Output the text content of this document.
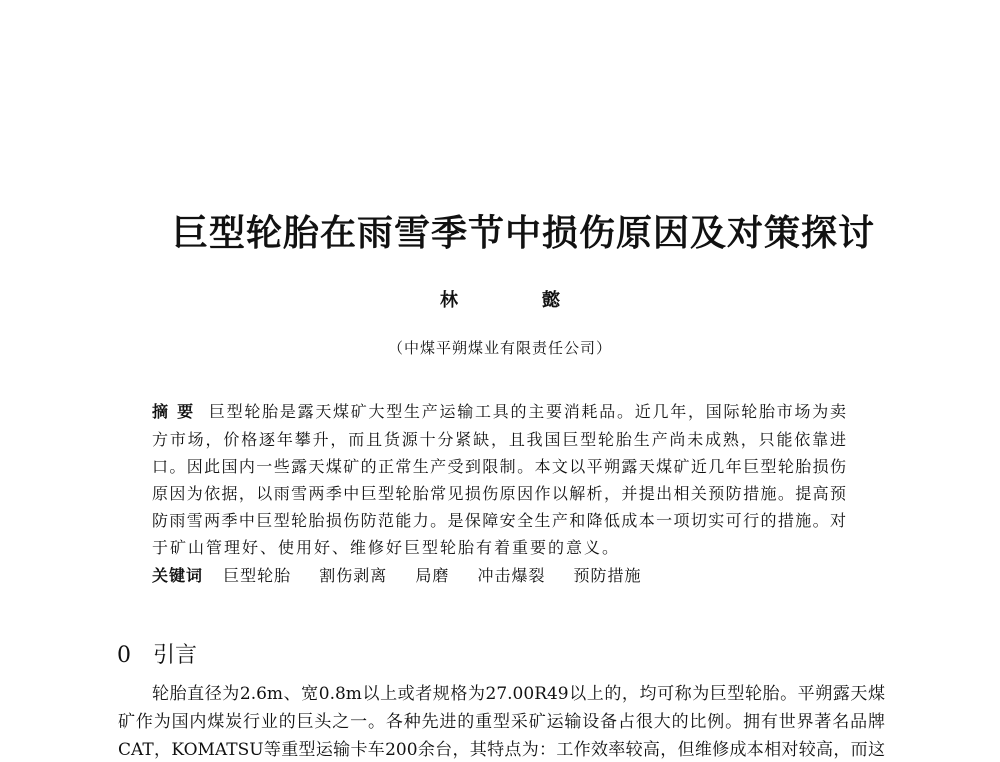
巨型轮胎在雨雪季节中损伤原因及对策探讨
林	懿
（中煤平朔煤业有限责任公司）
摘 要 巨型轮胎是露天煤矿大型生产运输工具的主要消耗品。近几年，国际轮胎市场为卖
方市场，价格逐年攀升，而且货源十分紧缺，且我国巨型轮胎生产尚未成熟，只能依靠进
口。因此国内一些露天煤矿的正常生产受到限制。本文以平朔露天煤矿近几年巨型轮胎损伤
原因为依据，以雨雪两季中巨型轮胎常见损伤原因作以解析，并提出相关预防措施。提高预
防雨雪两季中巨型轮胎损伤防范能力。是保障安全生产和降低成本一项切实可行的措施。对
于矿山管理好、使用好、维修好巨型轮胎有着重要的意义。
关键词 巨型轮胎 割伤剥离 局磨 冲击爆裂 预防措施
0 引言
轮胎直径为2.6m、宽0.8m以上或者规格为27.00R49以上的，均可称为巨型轮胎。平朔露天煤
矿作为国内煤炭行业的巨头之一。各种先进的重型采矿运输设备占很大的比例。拥有世界著名品牌
CAT，KOMATSU等重型运输卡车200余台，其特点为：工作效率较高，但维修成本相对较高，而这
